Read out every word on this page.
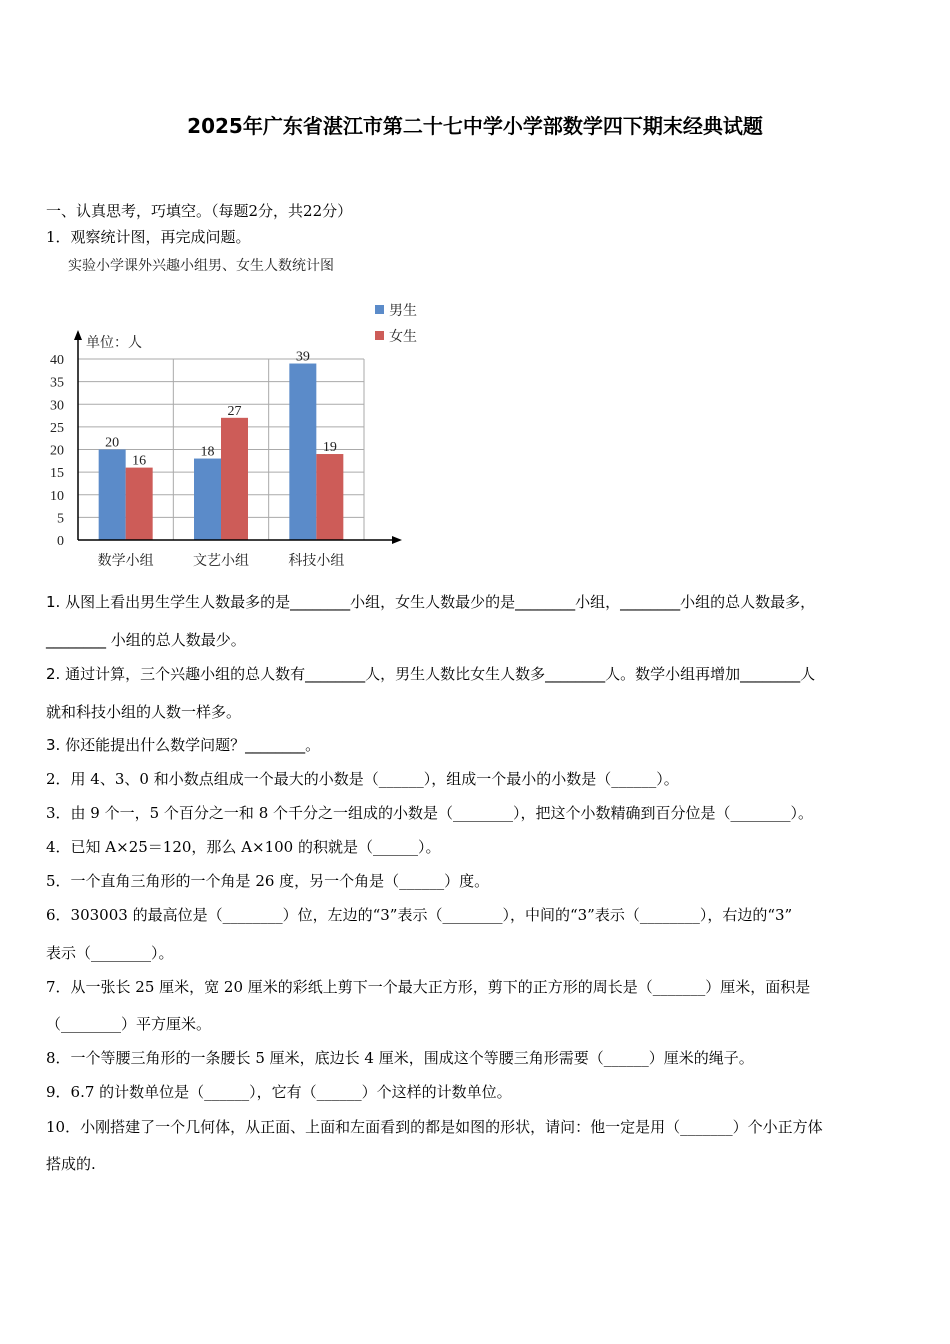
2025年广东省湛江市第二十七中学小学部数学四下期末经典试题
一、认真思考，巧填空。（每题2分，共22分）
1．观察统计图，再完成问题。
实验小学课外兴趣小组男、女生人数统计图
0
5
10
15
20
25
30
35
40
20
16
数学小组
18
27
文艺小组
39
19
科技小组
单位：人
男生
女生
1. 从图上看出男生学生人数最多的是________小组，女生人数最少的是________小组，________小组的总人数最多，
________ 小组的总人数最少。
2. 通过计算，三个兴趣小组的总人数有________人，男生人数比女生人数多________人。数学小组再增加________人
就和科技小组的人数一样多。
3. 你还能提出什么数学问题？________。
2．用 4、3、0 和小数点组成一个最大的小数是（______），组成一个最小的小数是（______）。
3．由 9 个一，5 个百分之一和 8 个千分之一组成的小数是（________），把这个小数精确到百分位是（________）。
4．已知 A×25＝120，那么 A×100 的积就是（______）。
5．一个直角三角形的一个角是 26 度，另一个角是（______）度。
6．303003 的最高位是（________）位，左边的“3”表示（________），中间的“3”表示（________），右边的“3”
表示（________）。
7．从一张长 25 厘米，宽 20 厘米的彩纸上剪下一个最大正方形，剪下的正方形的周长是（_______）厘米，面积是
（________）平方厘米。
8．一个等腰三角形的一条腰长 5 厘米，底边长 4 厘米，围成这个等腰三角形需要（______）厘米的绳子。
9．6.7 的计数单位是（______），它有（______）个这样的计数单位。
10．小刚搭建了一个几何体，从正面、上面和左面看到的都是如图的形状，请问：他一定是用（_______）个小正方体
搭成的.
